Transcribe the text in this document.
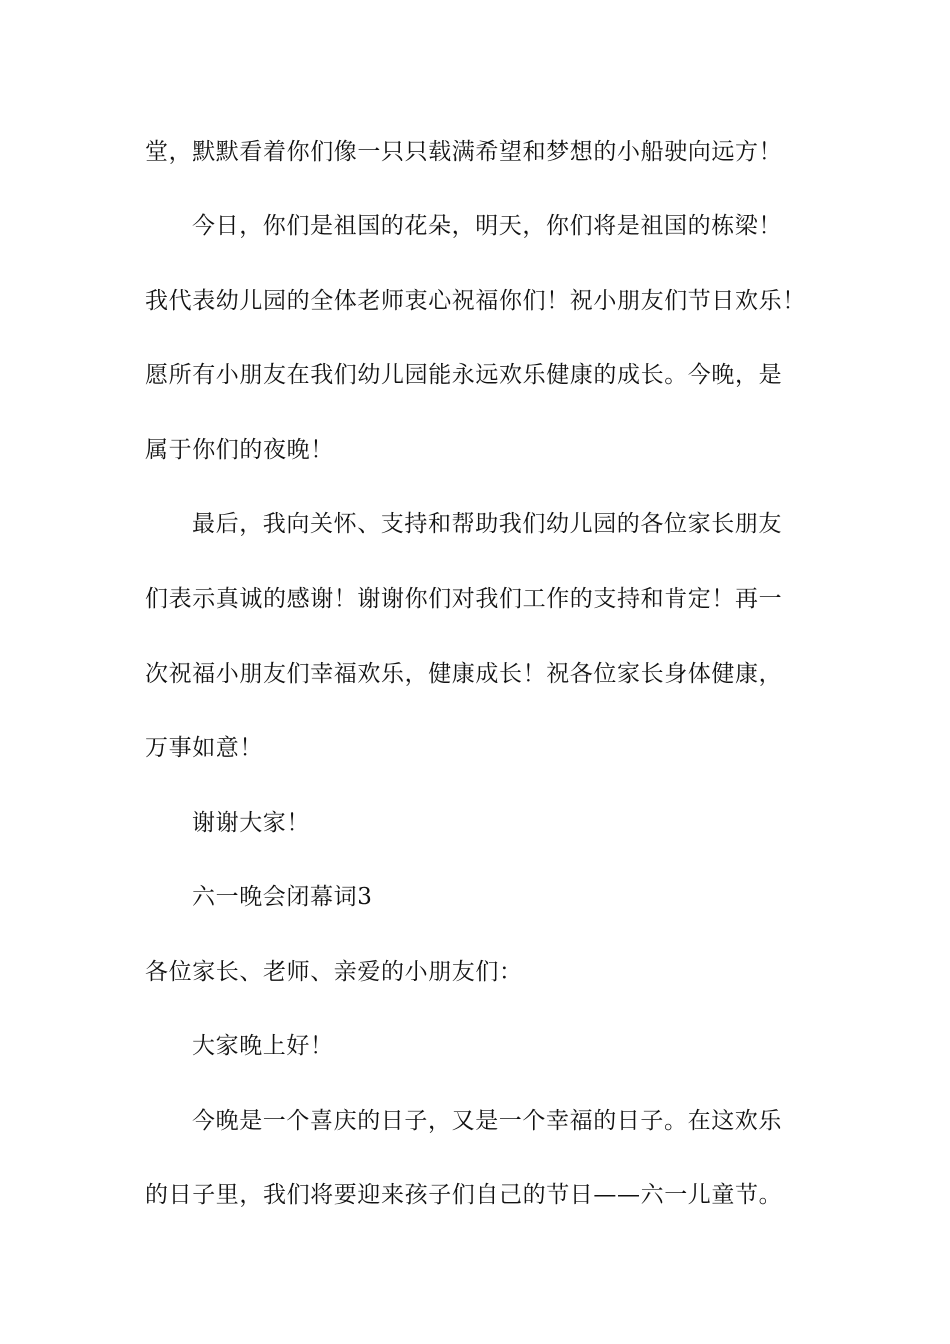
堂，默默看着你们像一只只载满希望和梦想的小船驶向远方！
今日，你们是祖国的花朵，明天，你们将是祖国的栋梁！
我代表幼儿园的全体老师衷心祝福你们！祝小朋友们节日欢乐！
愿所有小朋友在我们幼儿园能永远欢乐健康的成长。今晚，是
属于你们的夜晚！
最后，我向关怀、支持和帮助我们幼儿园的各位家长朋友
们表示真诚的感谢！谢谢你们对我们工作的支持和肯定！再一
次祝福小朋友们幸福欢乐，健康成长！祝各位家长身体健康，
万事如意！
谢谢大家！
六一晚会闭幕词3
各位家长、老师、亲爱的小朋友们：
大家晚上好！
今晚是一个喜庆的日子，又是一个幸福的日子。在这欢乐
的日子里，我们将要迎来孩子们自己的节日——六一儿童节。
